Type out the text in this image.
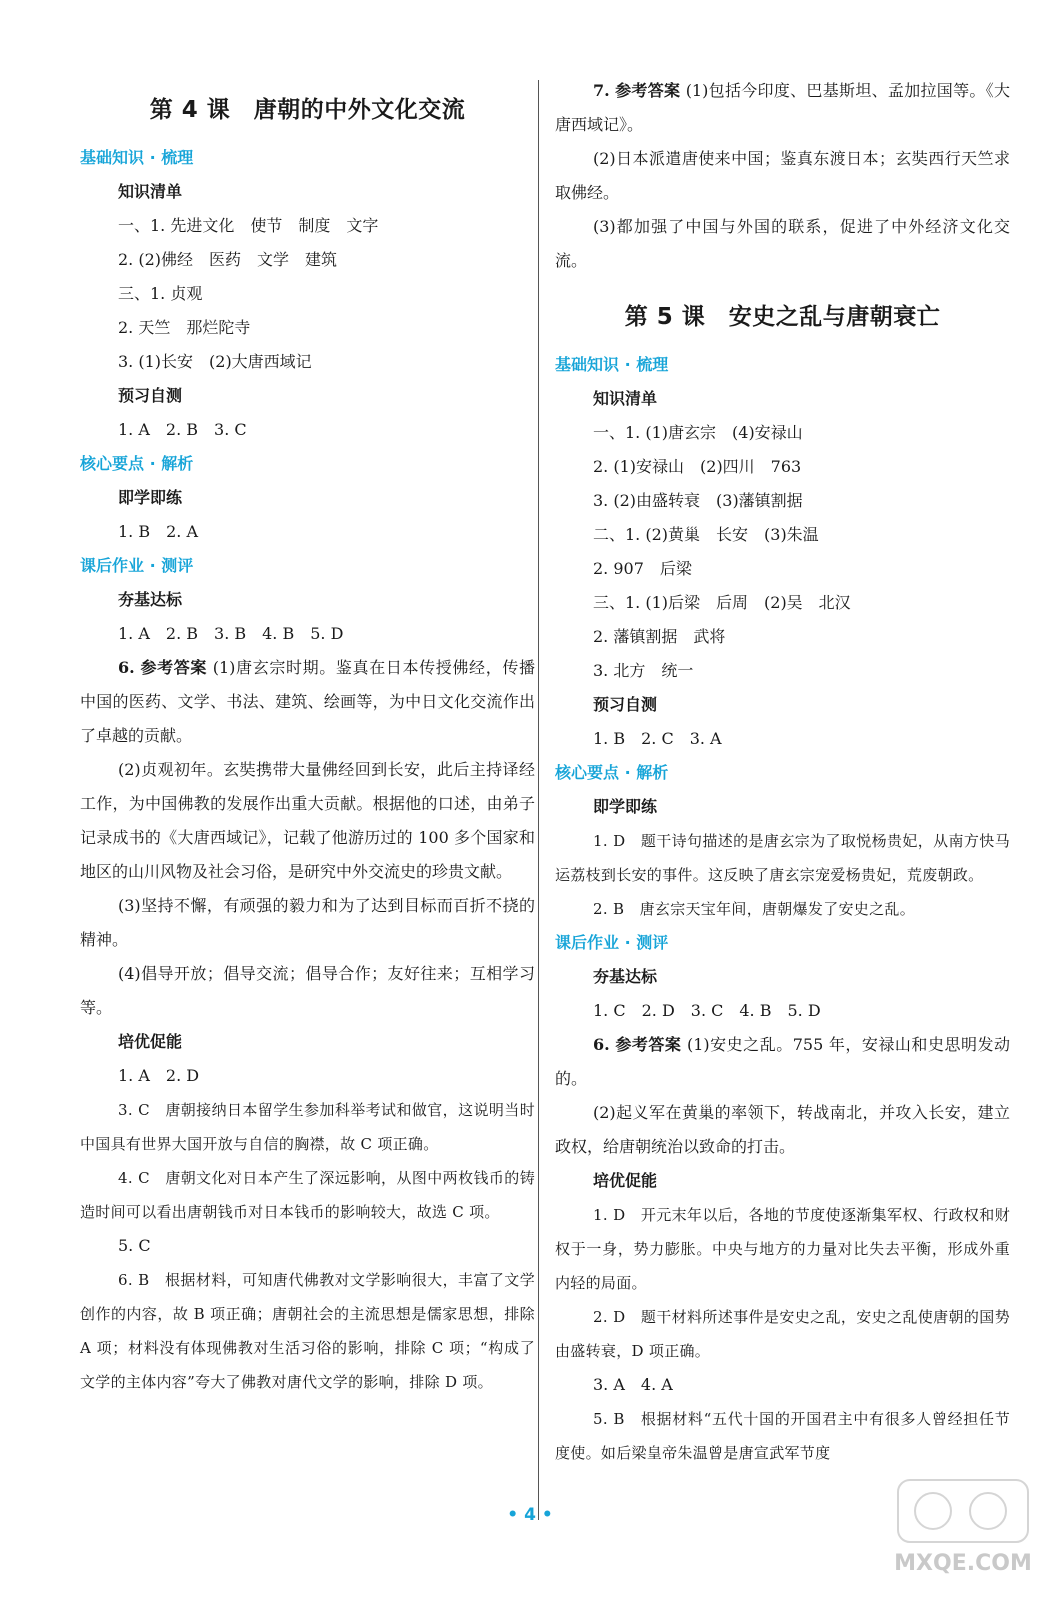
第 4 课　唐朝的中外文化交流
基础知识 · 梳理
知识清单
一、1. 先进文化　使节　制度　文字
2. (2)佛经　医药　文学　建筑
三、1. 贞观
2. 天竺　那烂陀寺
3. (1)长安　(2)大唐西域记
预习自测
1. A　2. B　3. C
核心要点 · 解析
即学即练
1. B　2. A
课后作业 · 测评
夯基达标
1. A　2. B　3. B　4. B　5. D
6. 参考答案 (1)唐玄宗时期。鉴真在日本传授佛经，传播中国的医药、文学、书法、建筑、绘画等，为中日文化交流作出了卓越的贡献。
(2)贞观初年。玄奘携带大量佛经回到长安，此后主持译经工作，为中国佛教的发展作出重大贡献。根据他的口述，由弟子记录成书的《大唐西域记》，记载了他游历过的 100 多个国家和地区的山川风物及社会习俗，是研究中外交流史的珍贵文献。
(3)坚持不懈，有顽强的毅力和为了达到目标而百折不挠的精神。
(4)倡导开放；倡导交流；倡导合作；友好往来；互相学习等。
培优促能
1. A　2. D
3. C　唐朝接纳日本留学生参加科举考试和做官，这说明当时中国具有世界大国开放与自信的胸襟，故 C 项正确。
4. C　唐朝文化对日本产生了深远影响，从图中两枚钱币的铸造时间可以看出唐朝钱币对日本钱币的影响较大，故选 C 项。
5. C
6. B　根据材料，可知唐代佛教对文学影响很大，丰富了文学创作的内容，故 B 项正确；唐朝社会的主流思想是儒家思想，排除 A 项；材料没有体现佛教对生活习俗的影响，排除 C 项；“构成了文学的主体内容”夸大了佛教对唐代文学的影响，排除 D 项。
7. 参考答案 (1)包括今印度、巴基斯坦、孟加拉国等。《大唐西域记》。
(2)日本派遣唐使来中国；鉴真东渡日本；玄奘西行天竺求取佛经。
(3)都加强了中国与外国的联系，促进了中外经济文化交流。
第 5 课　安史之乱与唐朝衰亡
基础知识 · 梳理
知识清单
一、1. (1)唐玄宗　(4)安禄山
2. (1)安禄山　(2)四川　763
3. (2)由盛转衰　(3)藩镇割据
二、1. (2)黄巢　长安　(3)朱温
2. 907　后梁
三、1. (1)后梁　后周　(2)吴　北汉
2. 藩镇割据　武将
3. 北方　统一
预习自测
1. B　2. C　3. A
核心要点 · 解析
即学即练
1. D　题干诗句描述的是唐玄宗为了取悦杨贵妃，从南方快马运荔枝到长安的事件。这反映了唐玄宗宠爱杨贵妃，荒废朝政。
2. B　唐玄宗天宝年间，唐朝爆发了安史之乱。
课后作业 · 测评
夯基达标
1. C　2. D　3. C　4. B　5. D
6. 参考答案 (1)安史之乱。755 年，安禄山和史思明发动的。
(2)起义军在黄巢的率领下，转战南北，并攻入长安，建立政权，给唐朝统治以致命的打击。
培优促能
1. D　开元末年以后，各地的节度使逐渐集军权、行政权和财权于一身，势力膨胀。中央与地方的力量对比失去平衡，形成外重内轻的局面。
2. D　题干材料所述事件是安史之乱，安史之乱使唐朝的国势由盛转衰，D 项正确。
3. A　4. A
5. B　根据材料“五代十国的开国君主中有很多人曾经担任节度使。如后梁皇帝朱温曾是唐宣武军节度
• 4 •
MXQE.COM
